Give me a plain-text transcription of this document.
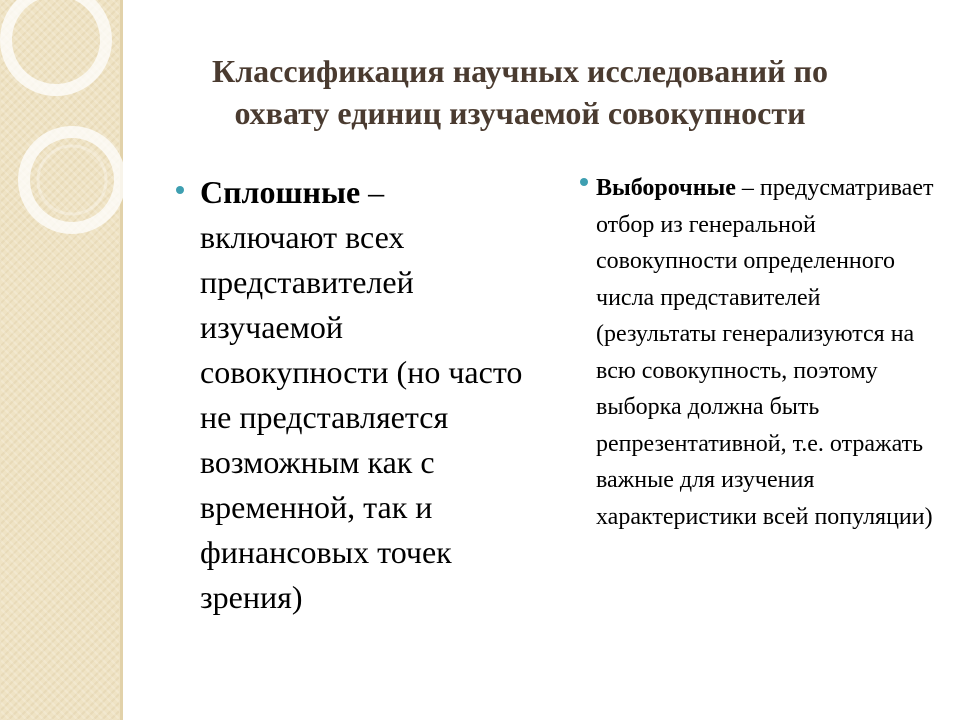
Классификация научных исследований по
охвату единиц изучаемой совокупности

Сплошные – включают всех представителей изучаемой совокупности (но часто не представляется возможным как с временной, так и финансовых точек зрения)

Выборочные – предусматривает отбор из генеральной совокупности определенного числа представителей (результаты генерализуются на всю совокупность, поэтому выборка должна быть репрезентативной, т.е. отражать важные для изучения характеристики всей популяции)
